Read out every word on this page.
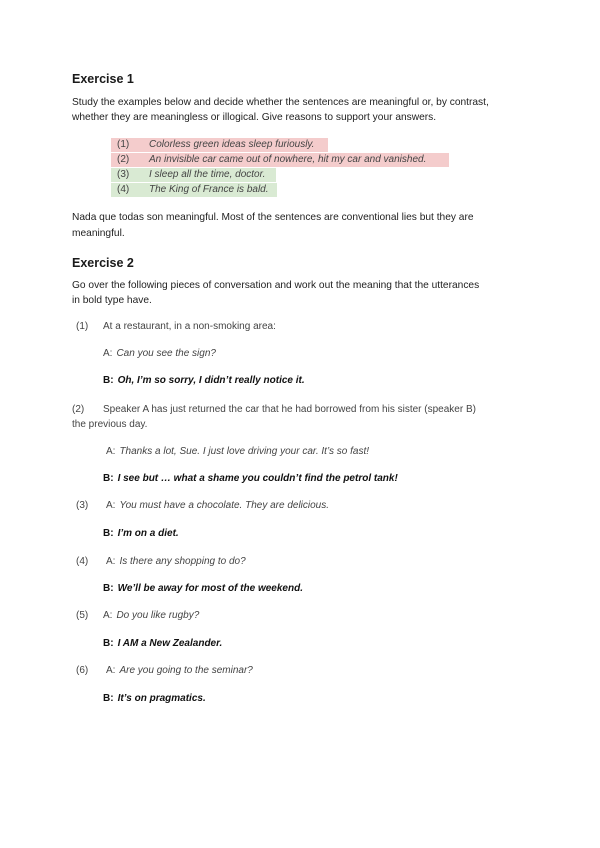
Exercise 1
Study the examples below and decide whether the sentences are meaningful or, by contrast,
whether they are meaningless or illogical. Give reasons to support your answers.
(1) Colorless green ideas sleep furiously.
(2) An invisible car came out of nowhere, hit my car and vanished.
(3) I sleep all the time, doctor.
(4) The King of France is bald.
Nada que todas son meaningful. Most of the sentences are conventional lies but they are
meaningful.
Exercise 2
Go over the following pieces of conversation and work out the meaning that the utterances
in bold type have.
(1) At a restaurant, in a non-smoking area:
A: Can you see the sign?
B: Oh, I’m so sorry, I didn’t really notice it.
(2) Speaker A has just returned the car that he had borrowed from his sister (speaker B)
the previous day.
A: Thanks a lot, Sue. I just love driving your car. It’s so fast!
B: I see but … what a shame you couldn’t find the petrol tank!
(3) A: You must have a chocolate. They are delicious.
B: I’m on a diet.
(4) A: Is there any shopping to do?
B: We’ll be away for most of the weekend.
(5) A: Do you like rugby?
B: I AM a New Zealander.
(6) A: Are you going to the seminar?
B: It’s on pragmatics.
